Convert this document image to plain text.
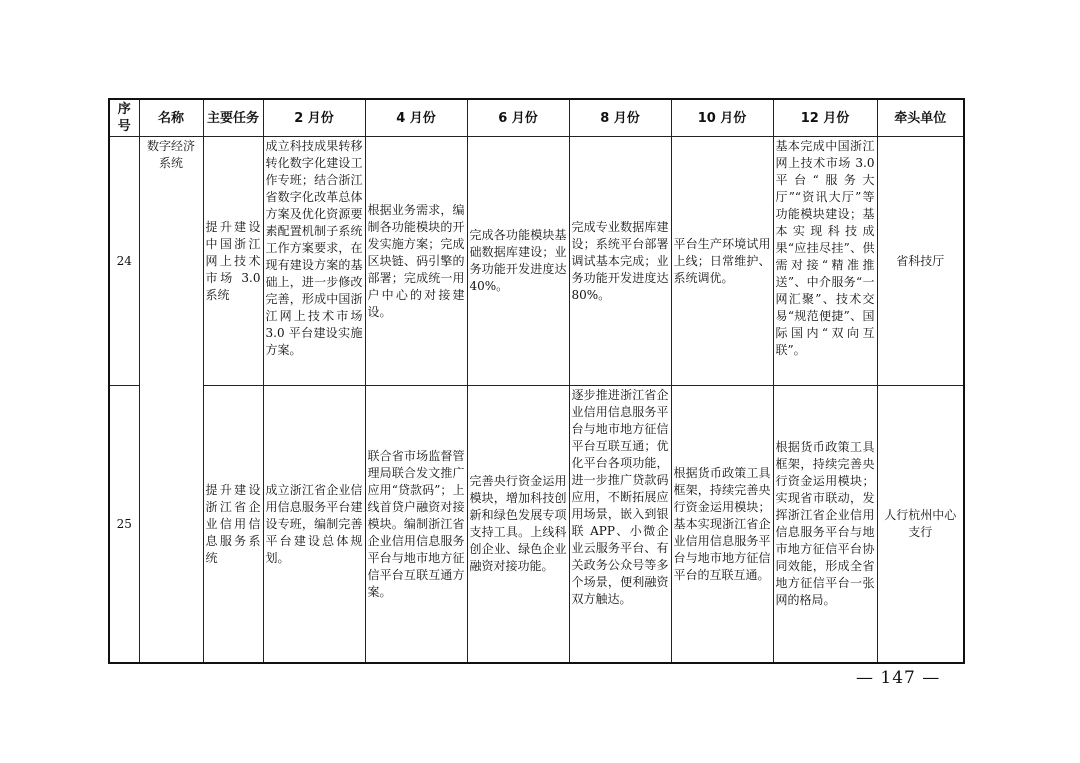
序号	名称	主要任务	2 月份	4 月份	6 月份	8 月份	10 月份	12 月份	牵头单位
24	数字经济系统	提升建设中国浙江网上技术市场 3.0 系统	成立科技成果转移转化数字化建设工作专班；结合浙江省数字化改革总体方案及优化资源要素配置机制子系统工作方案要求，在现有建设方案的基础上，进一步修改完善，形成中国浙江网上技术市场 3.0 平台建设实施方案。	根据业务需求，编制各功能模块的开发实施方案；完成区块链、码引擎的部署；完成统一用户中心的对接建设。	完成各功能模块基础数据库建设；业务功能开发进度达 40%。	完成专业数据库建设；系统平台部署调试基本完成；业务功能开发进度达 80%。	平台生产环境试用上线；日常维护、系统调优。	基本完成中国浙江网上技术市场 3.0 平台“服务大厅”“资讯大厅”等功能模块建设；基本实现科技成果“应挂尽挂”、供需对接“精准推送”、中介服务“一网汇聚”、技术交易“规范便捷”、国际国内“双向互联”。	省科技厅
25		提升建设浙江省企业信用信息服务系统	成立浙江省企业信用信息服务平台建设专班，编制完善平台建设总体规划。	联合省市场监督管理局联合发文推广应用“贷款码”；上线首贷户融资对接模块。编制浙江省企业信用信息服务平台与地市地方征信平台互联互通方案。	完善央行资金运用模块，增加科技创新和绿色发展专项支持工具。上线科创企业、绿色企业融资对接功能。	逐步推进浙江省企业信用信息服务平台与地市地方征信平台互联互通；优化平台各项功能，进一步推广贷款码应用，不断拓展应用场景，嵌入到银联 APP、小微企业云服务平台、有关政务公众号等多个场景，便利融资双方触达。	根据货币政策工具框架，持续完善央行资金运用模块；基本实现浙江省企业信用信息服务平台与地市地方征信平台的互联互通。	根据货币政策工具框架，持续完善央行资金运用模块；实现省市联动，发挥浙江省企业信用信息服务平台与地市地方征信平台协同效能，形成全省地方征信平台一张网的格局。	人行杭州中心支行
— 147 —
